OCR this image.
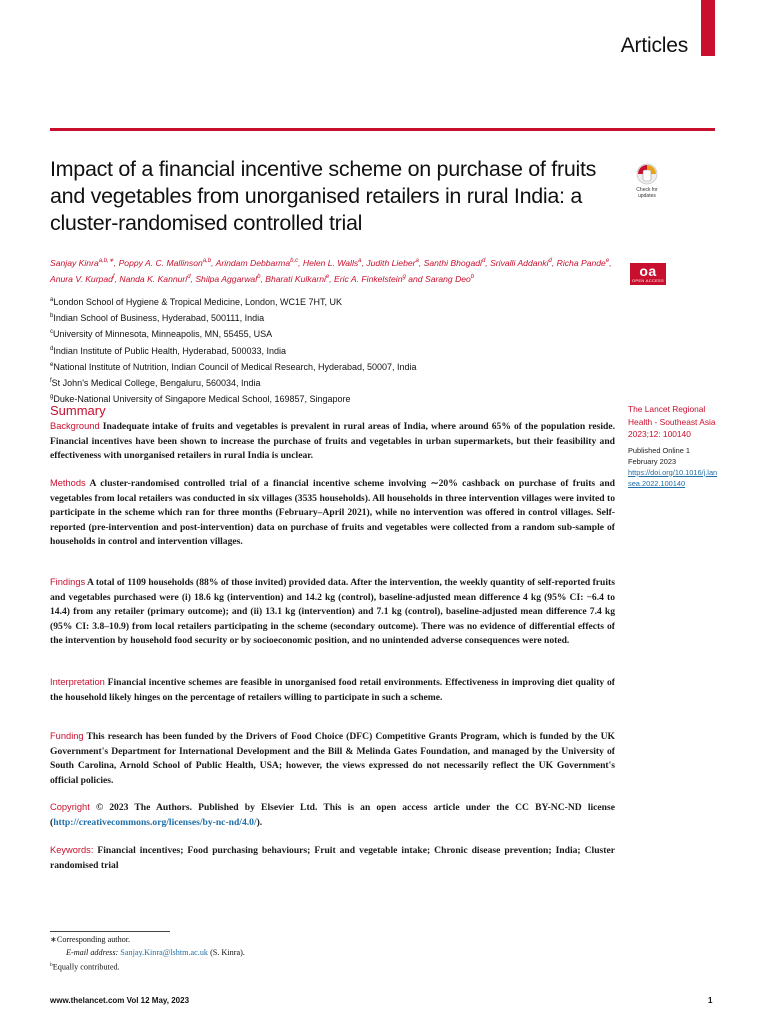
Articles
Impact of a financial incentive scheme on purchase of fruits and vegetables from unorganised retailers in rural India: a cluster-randomised controlled trial
Check for
updates
oa
OPEN ACCESS
Sanjay Kinra$^{a,b,∗}$, Poppy A. C. Mallinson$^{a,b}$, Arindam Debbarma$^{b,c}$, Helen L. Walls$^a$, Judith Lieber$^a$, Santhi Bhogadi$^d$, Srivalli Addanki$^d$, Richa Pande$^e$, Anura V. Kurpad$^f$, Nanda K. Kannuri$^d$, Shilpa Aggarwal$^b$, Bharati Kulkarni$^e$, Eric A. Finkelstein$^g$ and Sarang Deo$^b$
$^a$London School of Hygiene & Tropical Medicine, London, WC1E 7HT, UK
$^b$Indian School of Business, Hyderabad, 500111, India
$^c$University of Minnesota, Minneapolis, MN, 55455, USA
$^d$Indian Institute of Public Health, Hyderabad, 500033, India
$^e$National Institute of Nutrition, Indian Council of Medical Research, Hyderabad, 50007, India
$^f$St John's Medical College, Bengaluru, 560034, India
$^g$Duke-National University of Singapore Medical School, 169857, Singapore
Summary
Background Inadequate intake of fruits and vegetables is prevalent in rural areas of India, where around 65% of the population reside. Financial incentives have been shown to increase the purchase of fruits and vegetables in urban supermarkets, but their feasibility and effectiveness with unorganised retailers in rural India is unclear.
Methods A cluster-randomised controlled trial of a financial incentive scheme involving ∼20% cashback on purchase of fruits and vegetables from local retailers was conducted in six villages (3535 households). All households in three intervention villages were invited to participate in the scheme which ran for three months (February–April 2021), while no intervention was offered in control villages. Self-reported (pre-intervention and post-intervention) data on purchase of fruits and vegetables were collected from a random sub-sample of households in control and intervention villages.
Findings A total of 1109 households (88% of those invited) provided data. After the intervention, the weekly quantity of self-reported fruits and vegetables purchased were (i) 18.6 kg (intervention) and 14.2 kg (control), baseline-adjusted mean difference 4 kg (95% CI: −6.4 to 14.4) from any retailer (primary outcome); and (ii) 13.1 kg (intervention) and 7.1 kg (control), baseline-adjusted mean difference 7.4 kg (95% CI: 3.8–10.9) from local retailers participating in the scheme (secondary outcome). There was no evidence of differential effects of the intervention by household food security or by socioeconomic position, and no unintended adverse consequences were noted.
Interpretation Financial incentive schemes are feasible in unorganised food retail environments. Effectiveness in improving diet quality of the household likely hinges on the percentage of retailers willing to participate in such a scheme.
Funding This research has been funded by the Drivers of Food Choice (DFC) Competitive Grants Program, which is funded by the UK Government's Department for International Development and the Bill & Melinda Gates Foundation, and managed by the University of South Carolina, Arnold School of Public Health, USA; however, the views expressed do not necessarily reflect the UK Government's official policies.
Copyright © 2023 The Authors. Published by Elsevier Ltd. This is an open access article under the CC BY-NC-ND license (http://creativecommons.org/licenses/by-nc-nd/4.0/).
Keywords: Financial incentives; Food purchasing behaviours; Fruit and vegetable intake; Chronic disease prevention; India; Cluster randomised trial
The Lancet Regional Health - Southeast Asia 2023;12: 100140
Published Online 1 February 2023
https://doi.org/10.1016/j.lansea.2022.100140
∗Corresponding author.
E-mail address: Sanjay.Kinra@lshtm.ac.uk (S. Kinra).
$^b$Equally contributed.
www.thelancet.com Vol 12 May, 2023	1
